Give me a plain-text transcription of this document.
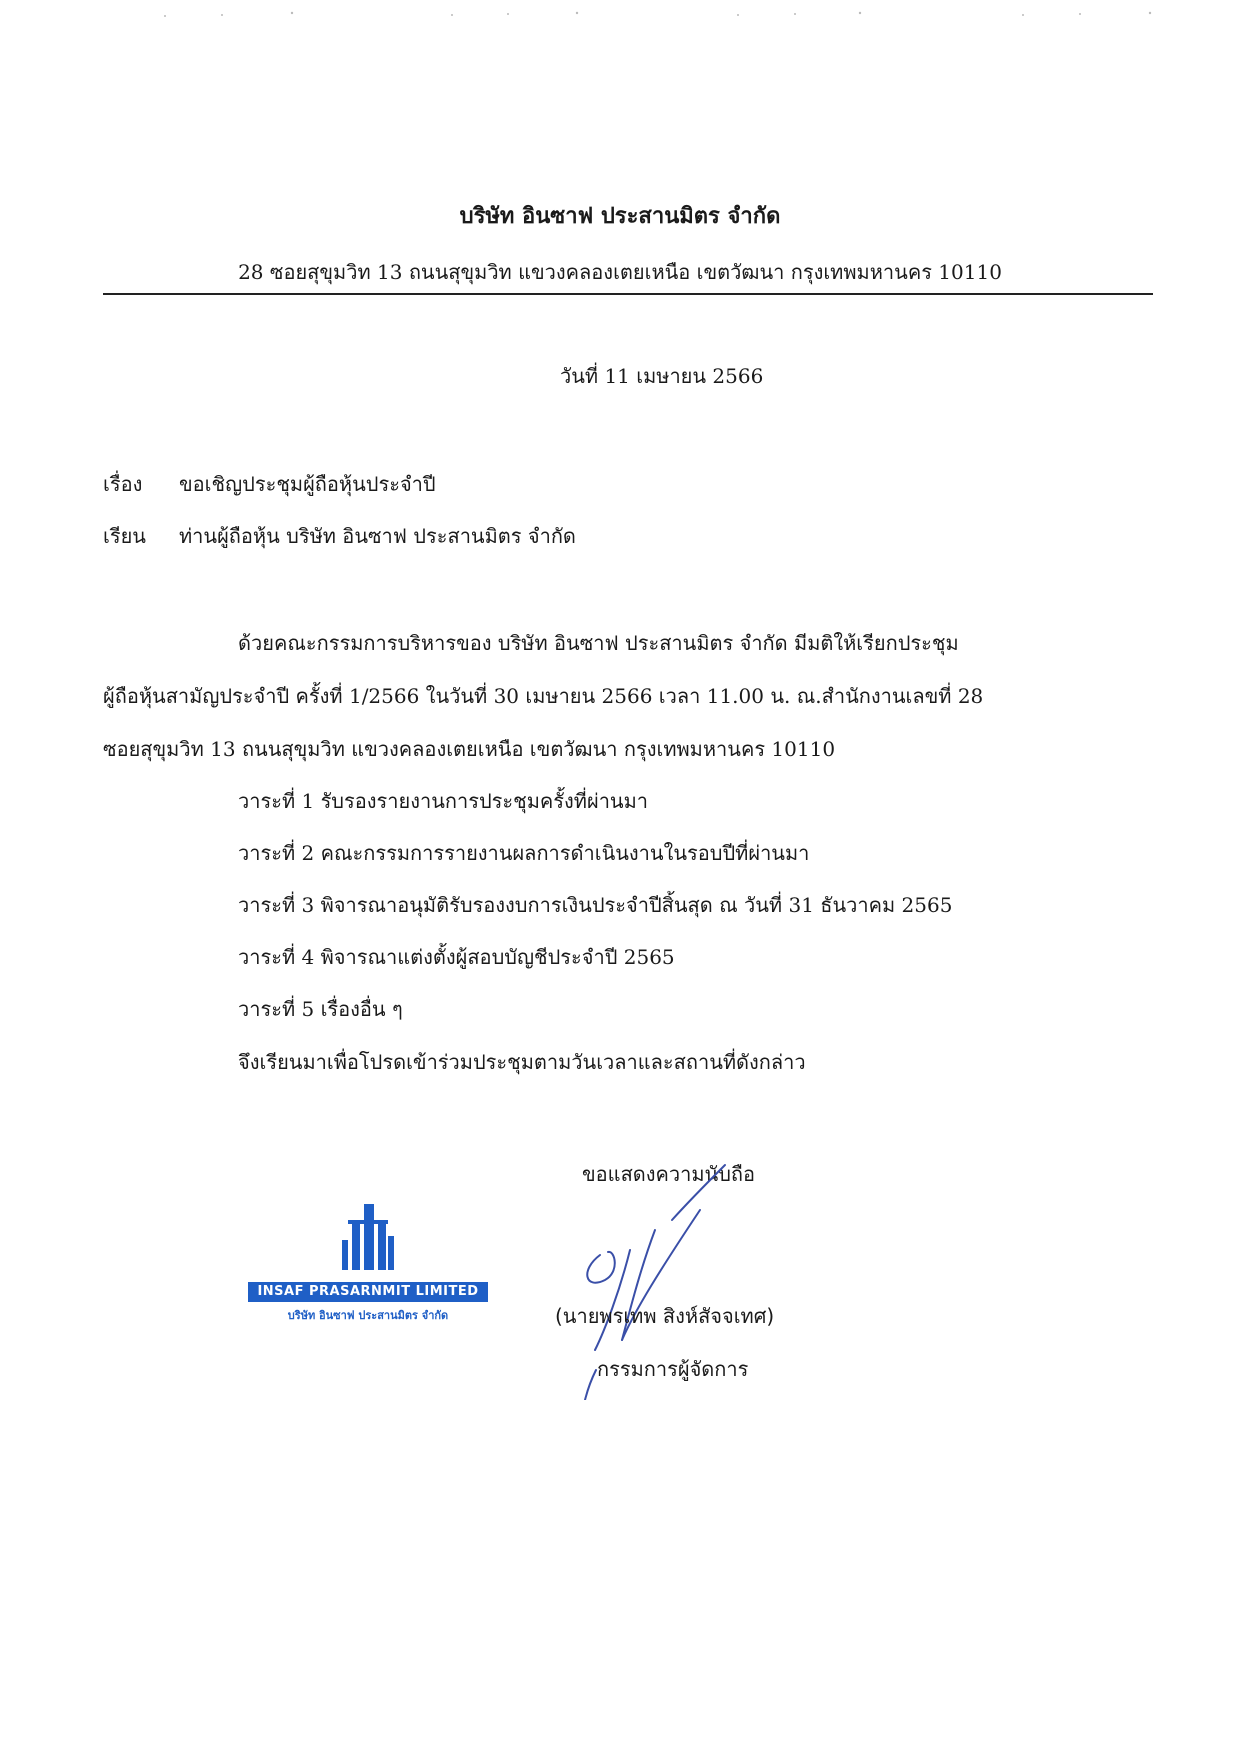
บริษัท อินซาฟ ประสานมิตร จำกัด
28 ซอยสุขุมวิท 13 ถนนสุขุมวิท แขวงคลองเตยเหนือ เขตวัฒนา กรุงเทพมหานคร 10110
วันที่ 11 เมษายน 2566
เรื่อง ขอเชิญประชุมผู้ถือหุ้นประจำปี
เรียน ท่านผู้ถือหุ้น บริษัท อินซาฟ ประสานมิตร จำกัด
ด้วยคณะกรรมการบริหารของ บริษัท อินซาฟ ประสานมิตร จำกัด มีมติให้เรียกประชุม
ผู้ถือหุ้นสามัญประจำปี ครั้งที่ 1/2566 ในวันที่ 30 เมษายน 2566 เวลา 11.00 น. ณ.สำนักงานเลขที่ 28
ซอยสุขุมวิท 13 ถนนสุขุมวิท แขวงคลองเตยเหนือ เขตวัฒนา กรุงเทพมหานคร 10110
วาระที่ 1 รับรองรายงานการประชุมครั้งที่ผ่านมา
วาระที่ 2 คณะกรรมการรายงานผลการดำเนินงานในรอบปีที่ผ่านมา
วาระที่ 3 พิจารณาอนุมัติรับรองงบการเงินประจำปีสิ้นสุด ณ วันที่ 31 ธันวาคม 2565
วาระที่ 4 พิจารณาแต่งตั้งผู้สอบบัญชีประจำปี 2565
วาระที่ 5 เรื่องอื่น ๆ
จึงเรียนมาเพื่อโปรดเข้าร่วมประชุมตามวันเวลาและสถานที่ดังกล่าว
ขอแสดงความนับถือ
(นายพรเทพ สิงห์สัจจเทศ)
กรรมการผู้จัดการ
INSAF PRASARNMIT LIMITED
บริษัท อินซาฟ ประสานมิตร จำกัด
